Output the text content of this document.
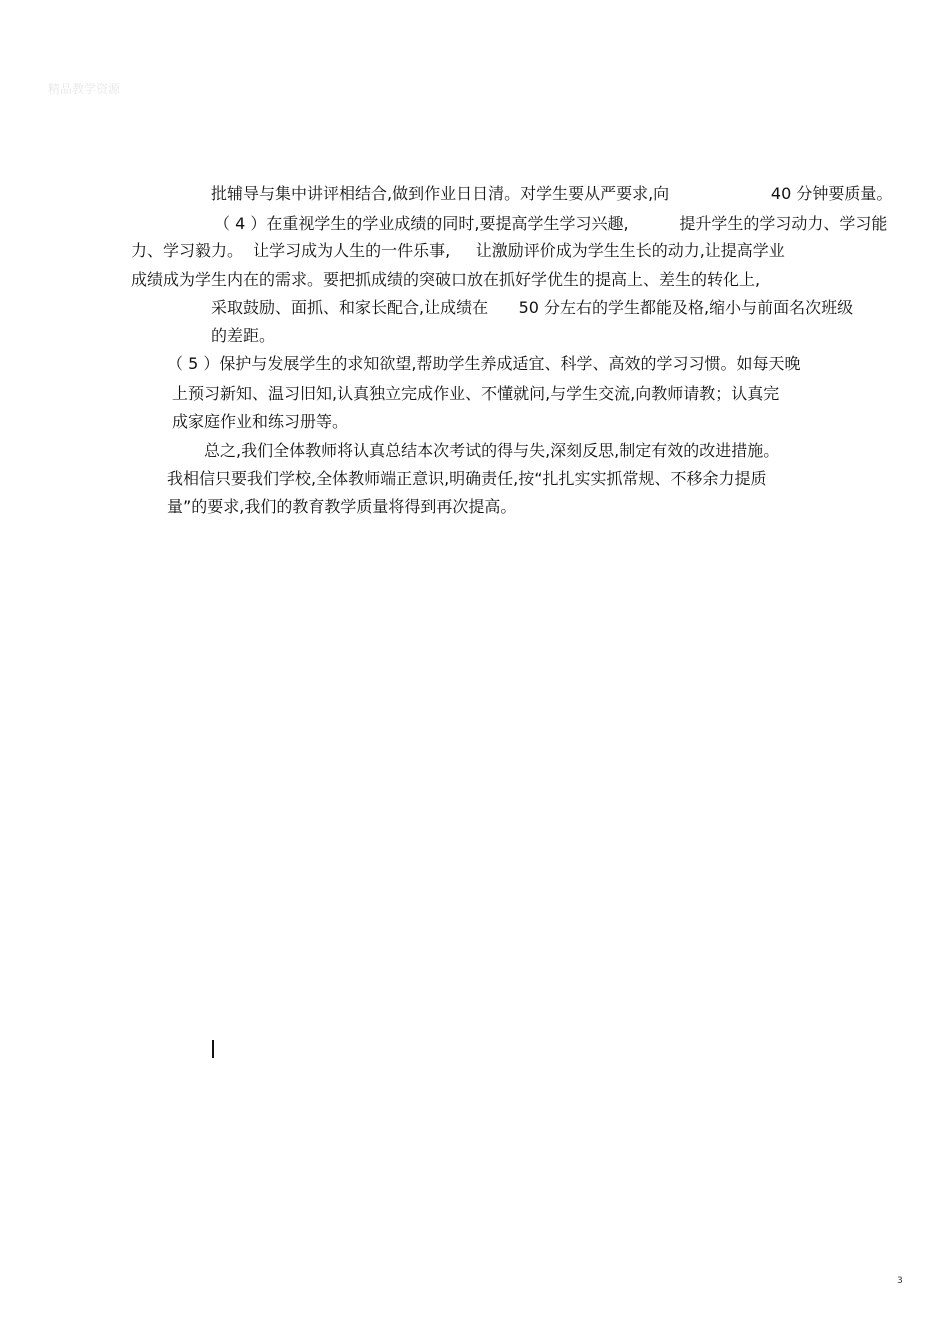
精品教学资源
批辅导与集中讲评相结合,做到作业日日清。对学生要从严要求,向                    40 分钟要质量。
（ 4 ）在重视学生的学业成绩的同时,要提高学生学习兴趣,          提升学生的学习动力、学习能
力、学习毅力。  让学习成为人生的一件乐事,     让激励评价成为学生生长的动力,让提高学业
成绩成为学生内在的需求。要把抓成绩的突破口放在抓好学优生的提高上、差生的转化上,
采取鼓励、面抓、和家长配合,让成绩在      50 分左右的学生都能及格,缩小与前面名次班级
的差距。
（ 5 ）保护与发展学生的求知欲望,帮助学生养成适宜、科学、高效的学习习惯。如每天晚
上预习新知、温习旧知,认真独立完成作业、不懂就问,与学生交流,向教师请教；认真完
成家庭作业和练习册等。
总之,我们全体教师将认真总结本次考试的得与失,深刻反思,制定有效的改进措施。
我相信只要我们学校,全体教师端正意识,明确责任,按“扎扎实实抓常规、不移余力提质
量”的要求,我们的教育教学质量将得到再次提高。
3
